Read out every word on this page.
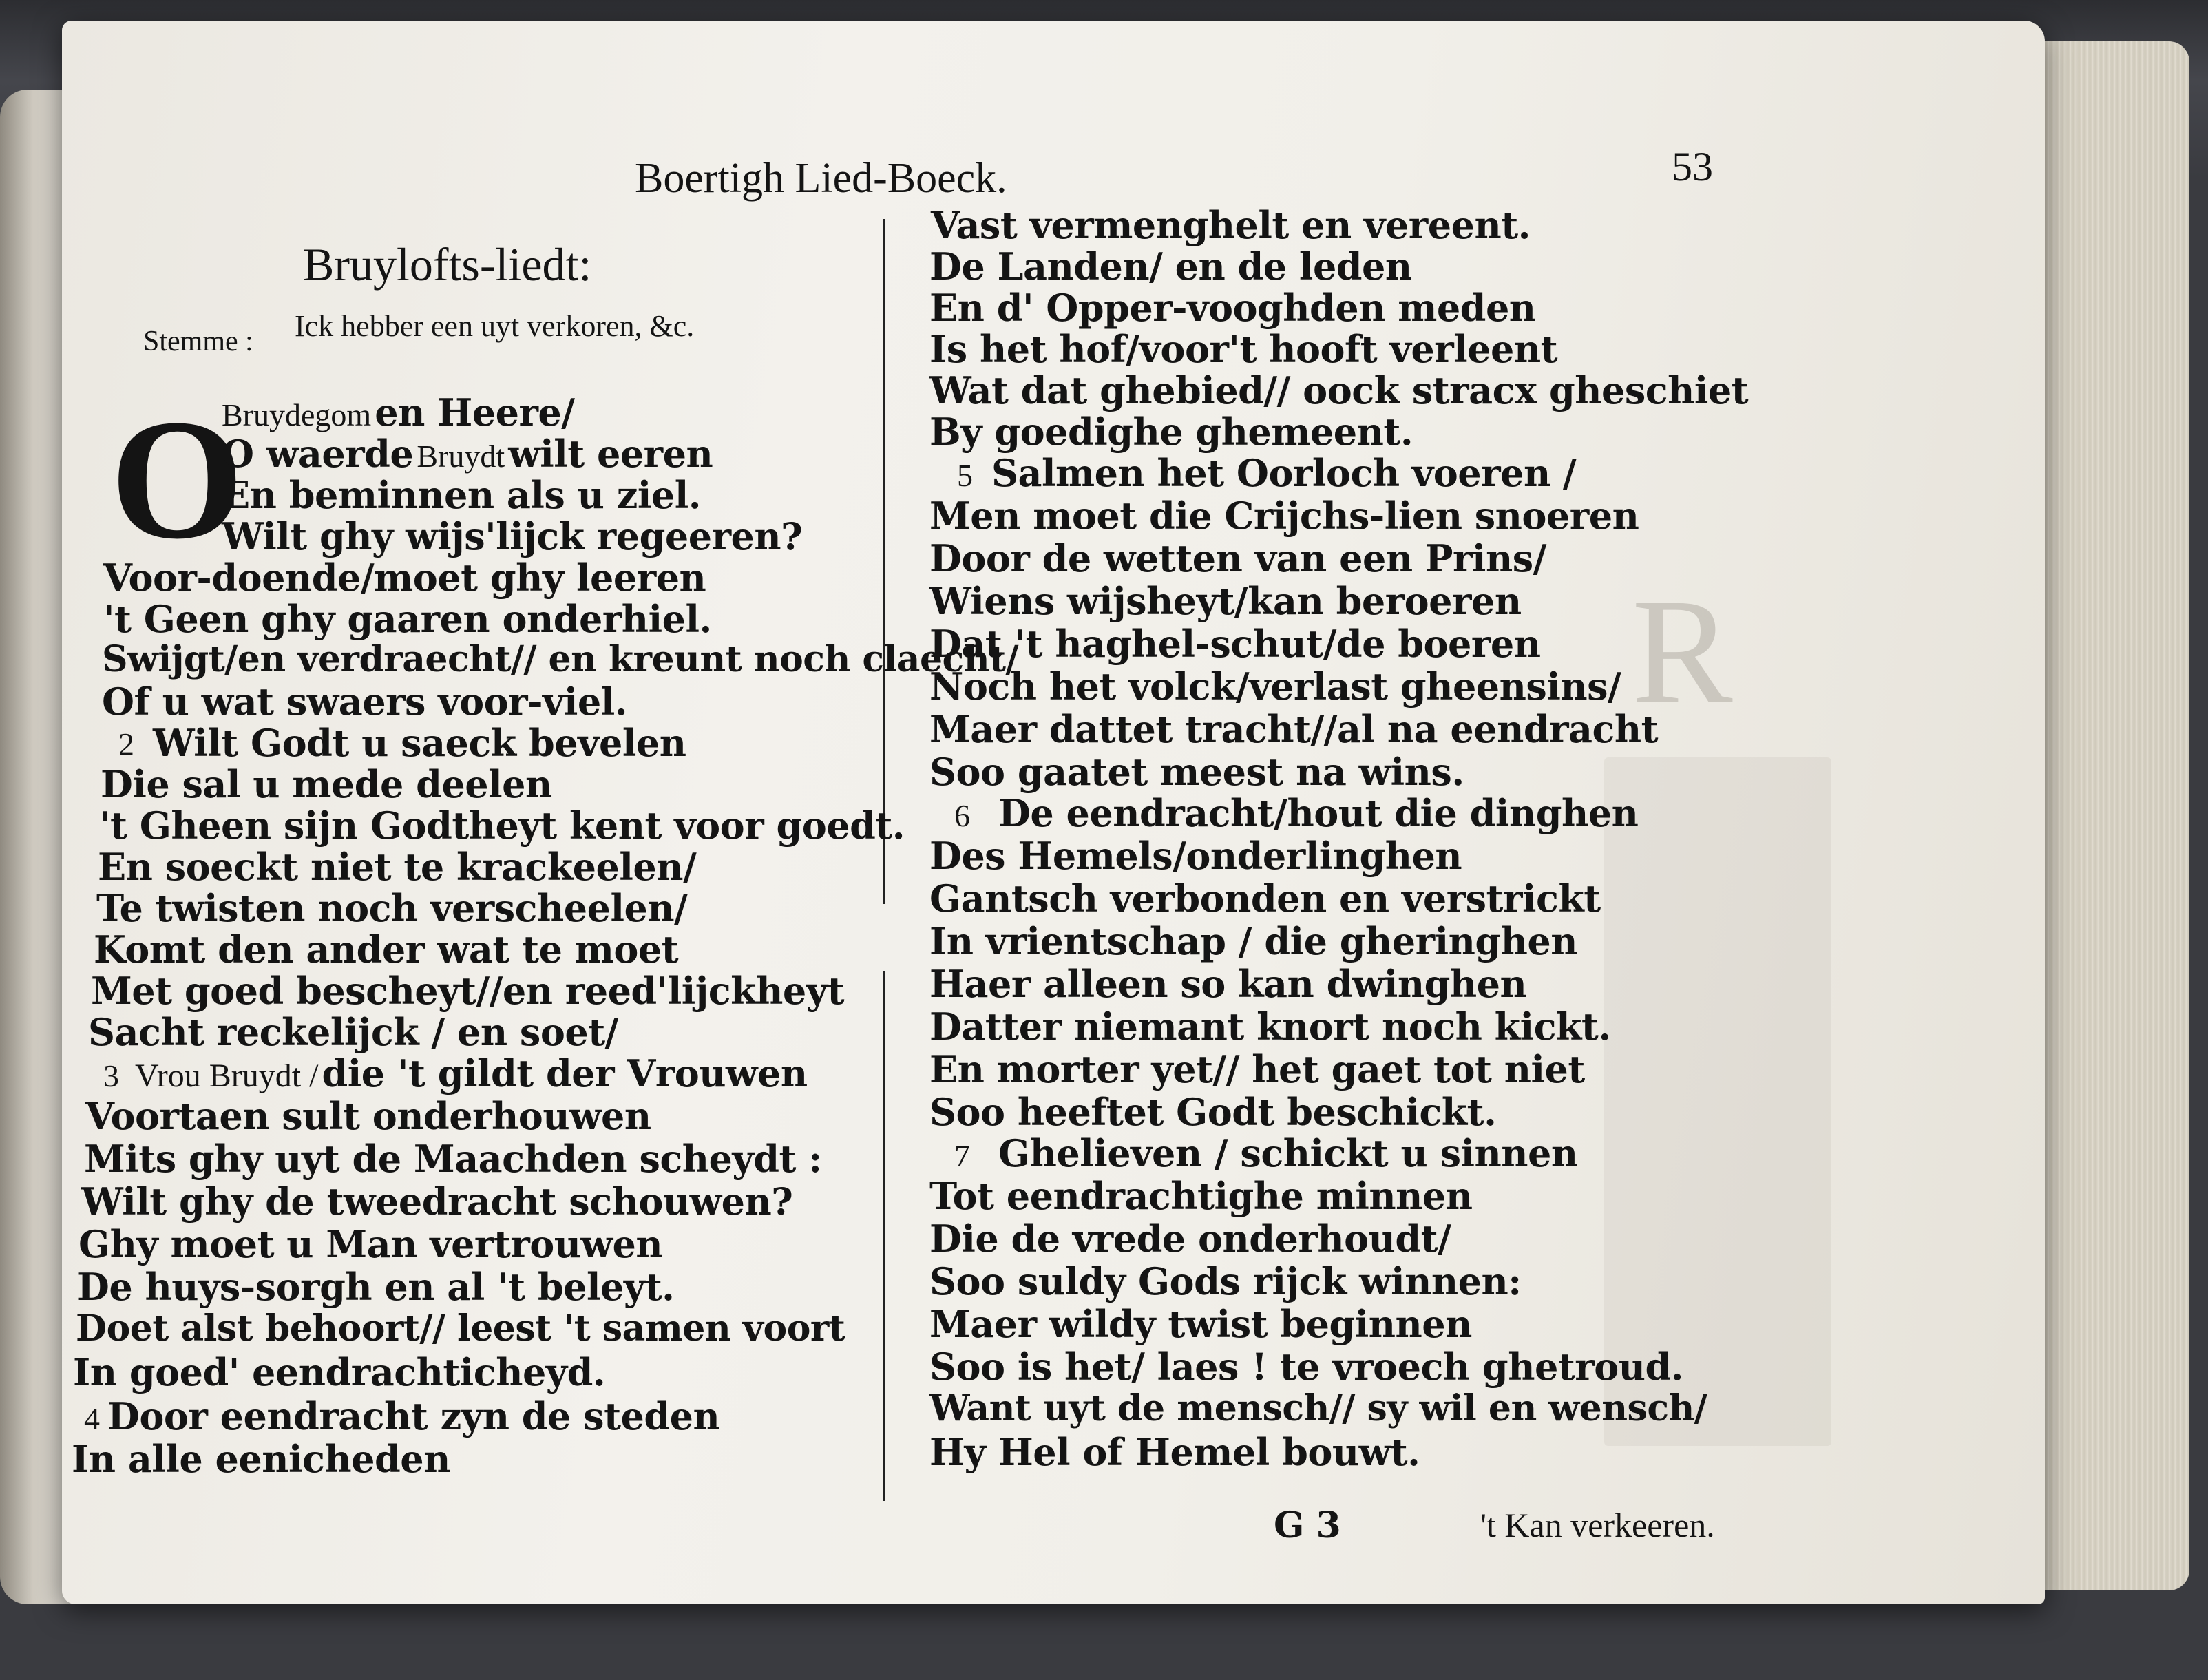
R
Boertigh Lied-Boeck.	53
Bruylofts-liedt:
Stemme : Ick hebber een uyt verkoren, &c.
O
Bruydegom en Heere/
O waerde Bruydt wilt eeren
En beminnen als u ziel.
Wilt ghy wijs'lijck regeeren?
Voor-doende/moet ghy leeren
't Geen ghy gaaren onderhiel.
Swijgt/en verdraecht// en kreunt noch claecht/
Of u wat swaers voor-viel.
2 Wilt Godt u saeck bevelen
Die sal u mede deelen
't Gheen sijn Godtheyt kent voor goedt.
En soeckt niet te krackeelen/
Te twisten noch verscheelen/
Komt den ander wat te moet
Met goed bescheyt//en reed'lijckheyt
Sacht reckelijck / en soet/
3 Vrou Bruydt / die 't gildt der Vrouwen
Voortaen sult onderhouwen
Mits ghy uyt de Maachden scheydt :
Wilt ghy de tweedracht schouwen?
Ghy moet u Man vertrouwen
De huys-sorgh en al 't beleyt.
Doet alst behoort// leest 't samen voort
In goed' eendrachticheyd.
4 Door eendracht zyn de steden
In alle eenicheden
Vast vermenghelt en vereent.
De Landen/ en de leden
En d' Opper-vooghden meden
Is het hof/voor't hooft verleent
Wat dat ghebied// oock stracx gheschiet
By goedighe ghemeent.
5 Salmen het Oorloch voeren /
Men moet die Crijchs-lien snoeren
Door de wetten van een Prins/
Wiens wijsheyt/kan beroeren
Dat 't haghel-schut/de boeren
Noch het volck/verlast gheensins/
Maer dattet tracht//al na eendracht
Soo gaatet meest na wins.
6 De eendracht/hout die dinghen
Des Hemels/onderlinghen
Gantsch verbonden en verstrickt
In vrientschap / die gheringhen
Haer alleen so kan dwinghen
Datter niemant knort noch kickt.
En morter yet// het gaet tot niet
Soo heeftet Godt beschickt.
7 Ghelieven / schickt u sinnen
Tot eendrachtighe minnen
Die de vrede onderhoudt/
Soo suldy Gods rijck winnen:
Maer wildy twist beginnen
Soo is het/ laes ! te vroech ghetroud.
Want uyt de mensch// sy wil en wensch/
Hy Hel of Hemel bouwt.
G 3	't Kan verkeeren.
